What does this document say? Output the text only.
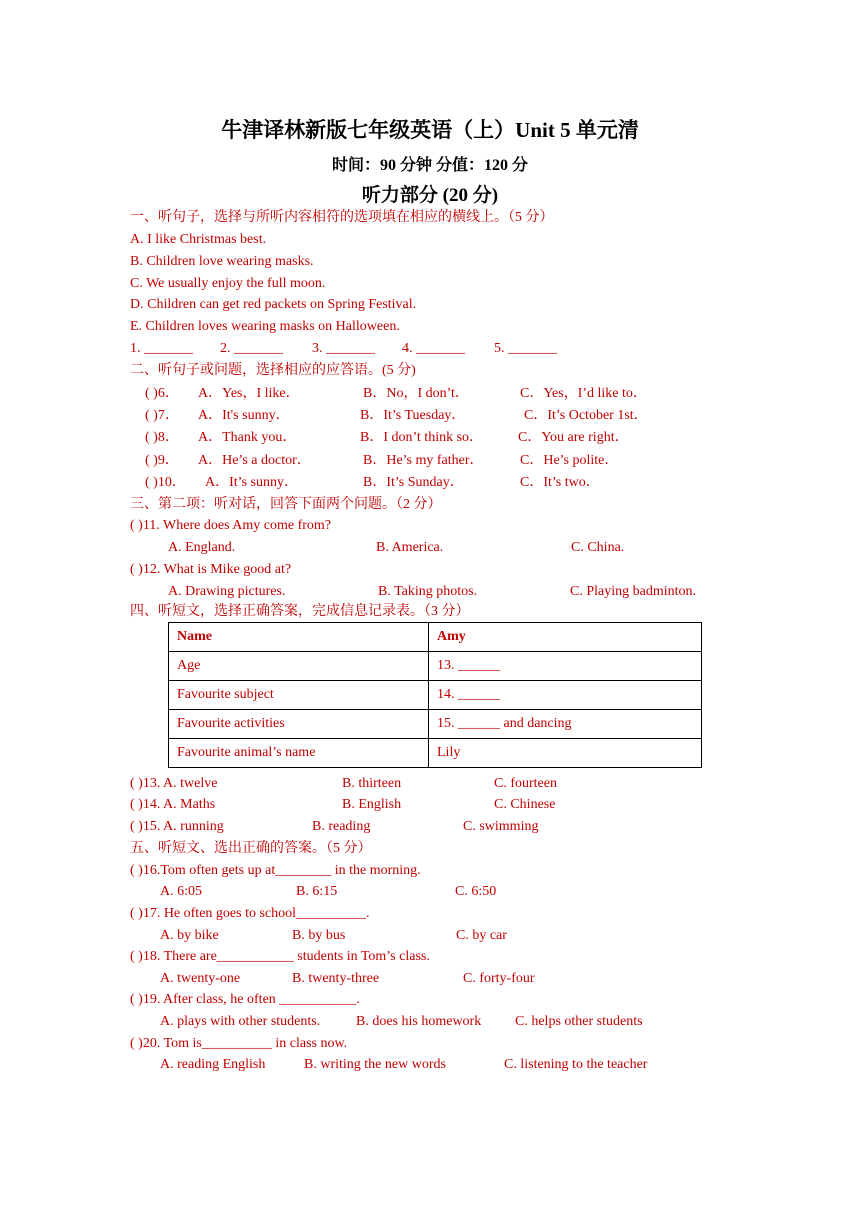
牛津译林新版七年级英语（上）Unit 5 单元清
时间：90 分钟 分值：120 分
听力部分 (20 分)
一、听句子，选择与所听内容相符的选项填在相应的横线上。（5 分）
A. I like Christmas best.
B. Children love wearing masks.
C. We usually enjoy the full moon.
D. Children can get red packets on Spring Festival.
E. Children loves wearing masks on Halloween.
1. _______ 2. _______ 3. _______ 4. _______ 5. _______
二、听句子或问题，选择相应的应答语。(5 分)
( )6． A．Yes，I like．	B．No，I don’t．	C．Yes，I’d like to．
( )7． A．It's sunny．	B．It’s Tuesday．	C．It’s October 1st．
( )8． A．Thank you．	B．I don’t think so． C．You are right．
( )9． A．He’s a doctor．	B．He’s my father．	C．He’s polite．
( )10． A．It’s sunny．	B．It’s Sunday．	C．It’s two．
三、第二项：听对话，回答下面两个问题。（2 分）
( )11. Where does Amy come from?
A. England.	B. America.	C. China.
( )12. What is Mike good at?
A. Drawing pictures.	B. Taking photos.	C. Playing badminton.
四、听短文，选择正确答案，完成信息记录表。（3 分）
Name	Amy
Age	13. ______
Favourite subject	14. ______
Favourite activities	15. ______ and dancing
Favourite animal’s name	Lily
( )13. A. twelve	B. thirteen	C. fourteen
( )14. A. Maths	B. English	C. Chinese
( )15. A. running	B. reading	C. swimming
五、听短文、选出正确的答案。（5 分）
( )16.Tom often gets up at________ in the morning.
A. 6:05	B. 6:15	C. 6:50
( )17. He often goes to school__________.
A. by bike	B. by bus	C. by car
( )18. There are___________ students in Tom’s class.
A. twenty-one	B. twenty-three	C. forty-four
( )19. After class, he often ___________.
A. plays with other students.	B. does his homework C. helps other students
( )20. Tom is__________ in class now.
A. reading English	B. writing the new words	C. listening to the teacher
